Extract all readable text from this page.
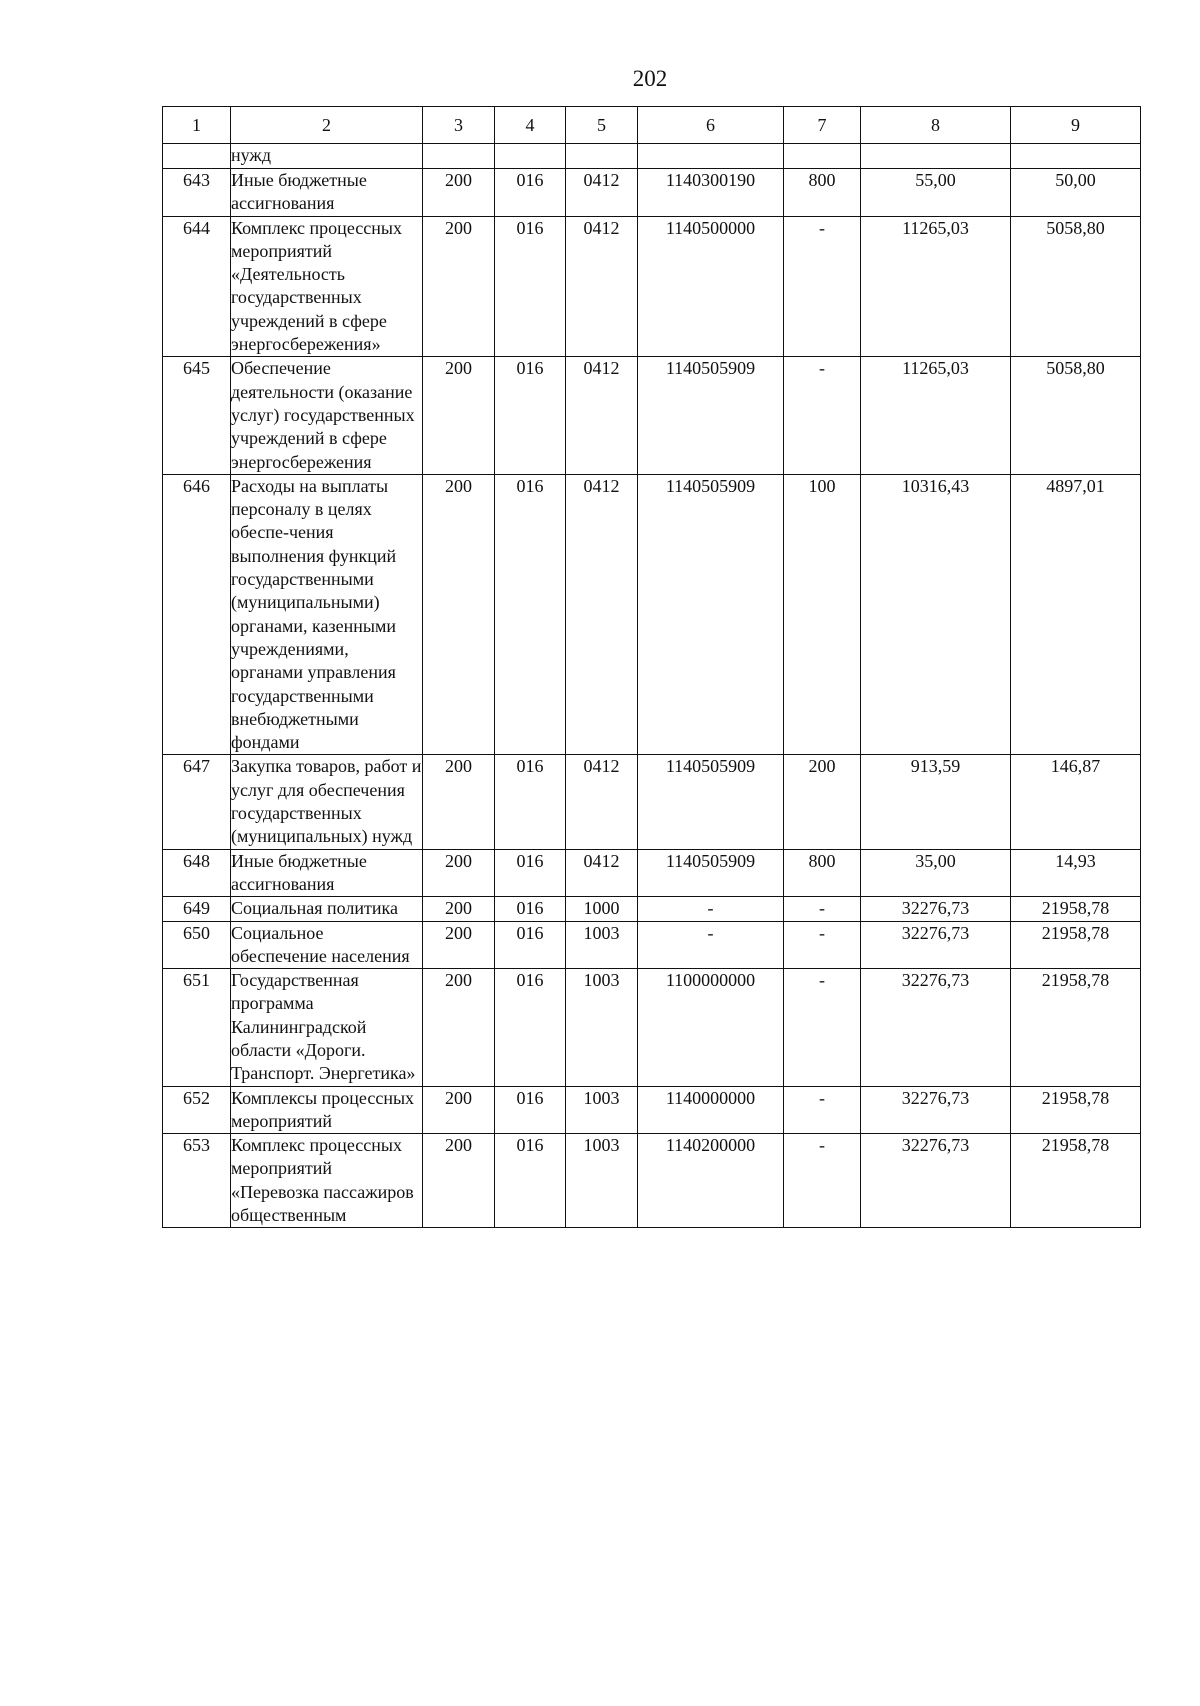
202
1	2	3	4	5	6	7	8	9
	нужд							
643	Иные бюджетные ассигнования	200	016	0412	1140300190	800	55,00	50,00
644	Комплекс процессных мероприятий «Деятельность государственных учреждений в сфере энергосбережения»	200	016	0412	1140500000	-	11265,03	5058,80
645	Обеспечение деятельности (оказание услуг) государственных учреждений в сфере энергосбережения	200	016	0412	1140505909	-	11265,03	5058,80
646	Расходы на выплаты персоналу в целях обеспе-чения выполнения функций государственными (муниципальными) органами, казенными учреждениями, органами управления государственными внебюджетными фондами	200	016	0412	1140505909	100	10316,43	4897,01
647	Закупка товаров, работ и услуг для обеспечения государственных (муниципальных) нужд	200	016	0412	1140505909	200	913,59	146,87
648	Иные бюджетные ассигнования	200	016	0412	1140505909	800	35,00	14,93
649	Социальная политика	200	016	1000	-	-	32276,73	21958,78
650	Социальное обеспечение населения	200	016	1003	-	-	32276,73	21958,78
651	Государственная программа Калининградской области «Дороги. Транспорт. Энергетика»	200	016	1003	1100000000	-	32276,73	21958,78
652	Комплексы процессных мероприятий	200	016	1003	1140000000	-	32276,73	21958,78
653	Комплекс процессных мероприятий «Перевозка пассажиров общественным	200	016	1003	1140200000	-	32276,73	21958,78
